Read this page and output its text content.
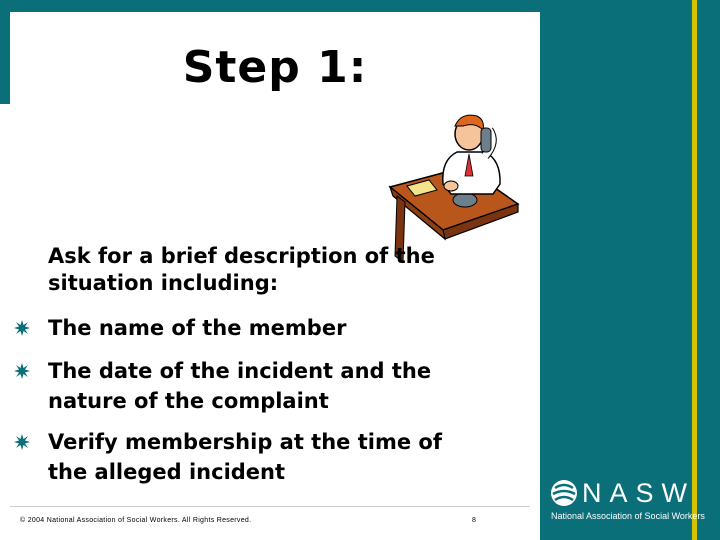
Step 1:
Ask for a brief description of the situation including:
The name of the member
The date of the incident and the nature of the complaint
Verify membership at the time of the alleged incident
© 2004 National Association of Social Workers. All Rights Reserved.	8
NASW
National Association of Social Workers
